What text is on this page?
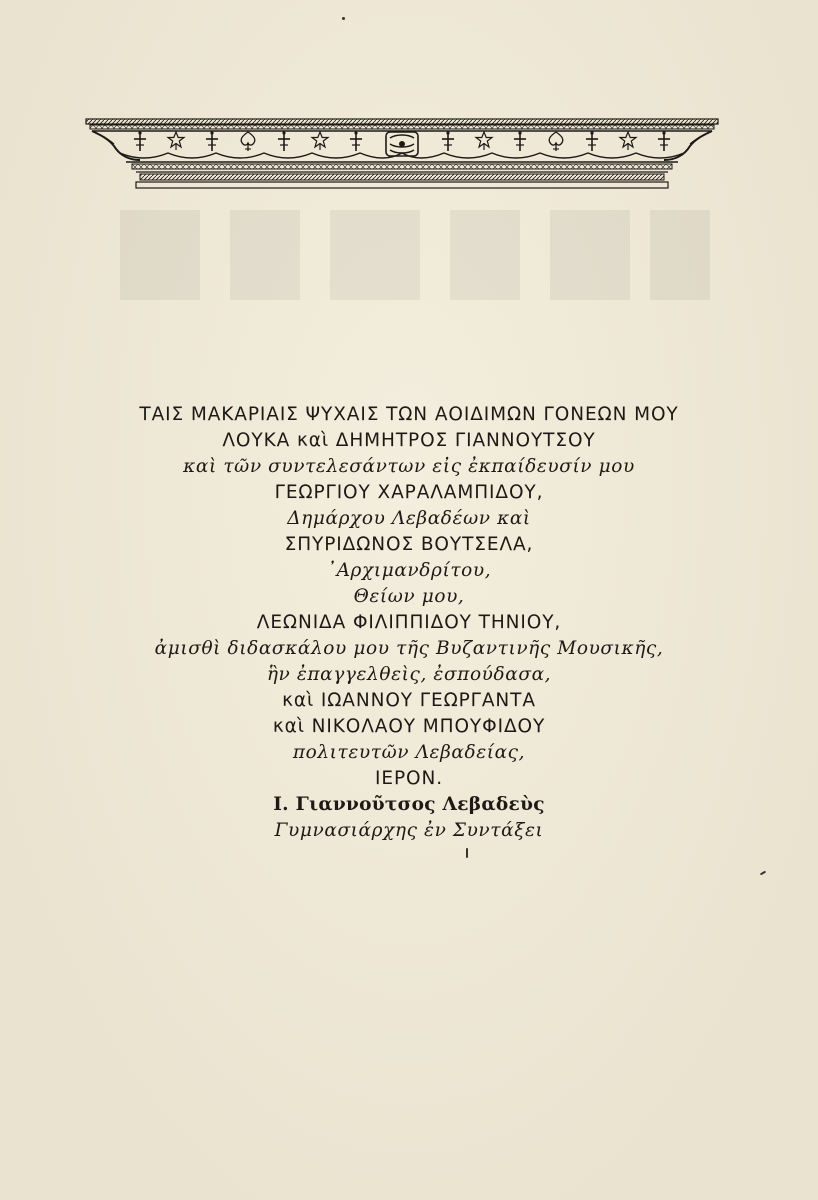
ΤΑΙΣ ΜΑΚΑΡΙΑΙΣ ΨΥΧΑΙΣ ΤΩΝ ΑΟΙΔΙΜΩΝ ΓΟΝΕΩΝ ΜΟΥ
ΛΟΥΚΑ καὶ ΔΗΜΗΤΡΟΣ ΓΙΑΝΝΟΥΤΣΟΥ
καὶ τῶν συντελεσάντων εἰς ἐκπαίδευσίν μου
ΓΕΩΡΓΙΟΥ ΧΑΡΑΛΑΜΠΙΔΟΥ,
Δημάρχου Λεβαδέων καὶ
ΣΠΥΡΙΔΩΝΟΣ ΒΟΥΤΣΕΛΑ,
᾿Αρχιμανδρίτου,
Θείων μου,
ΛΕΩΝΙΔΑ ΦΙΛΙΠΠΙΔΟΥ ΤΗΝΙΟΥ,
ἀμισθὶ διδασκάλου μου τῆς Βυζαντινῆς Μουσικῆς,
ἣν ἐπαγγελθεὶς, ἐσπούδασα,
καὶ ΙΩΑΝΝΟΥ ΓΕΩΡΓΑΝΤΑ
καὶ ΝΙΚΟΛΑΟΥ ΜΠΟΥΦΙΔΟΥ
πολιτευτῶν Λεβαδείας,
ΙΕΡΟΝ.
Ι. Γιαννοῦτσος Λεβαδεὺς
Γυμνασιάρχης ἐν Συντάξει
